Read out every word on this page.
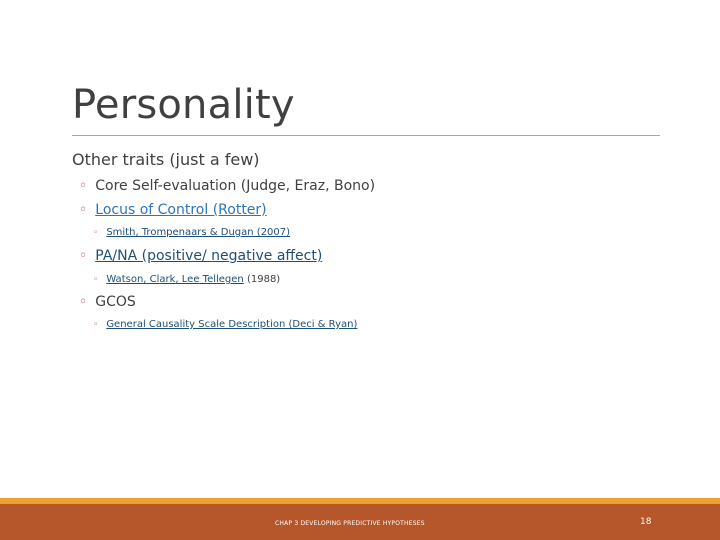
Personality
Other traits (just a few)
◦ Core Self-evaluation (Judge, Eraz, Bono)
◦ Locus of Control (Rotter)
◦ Smith, Trompenaars & Dugan (2007)
◦ PA/NA (positive/ negative affect)
◦ Watson, Clark, Lee Tellegen (1988)
◦ GCOS
◦ General Causality Scale Description (Deci & Ryan)
CHAP 3 DEVELOPING PREDICTIVE HYPOTHESES	18
